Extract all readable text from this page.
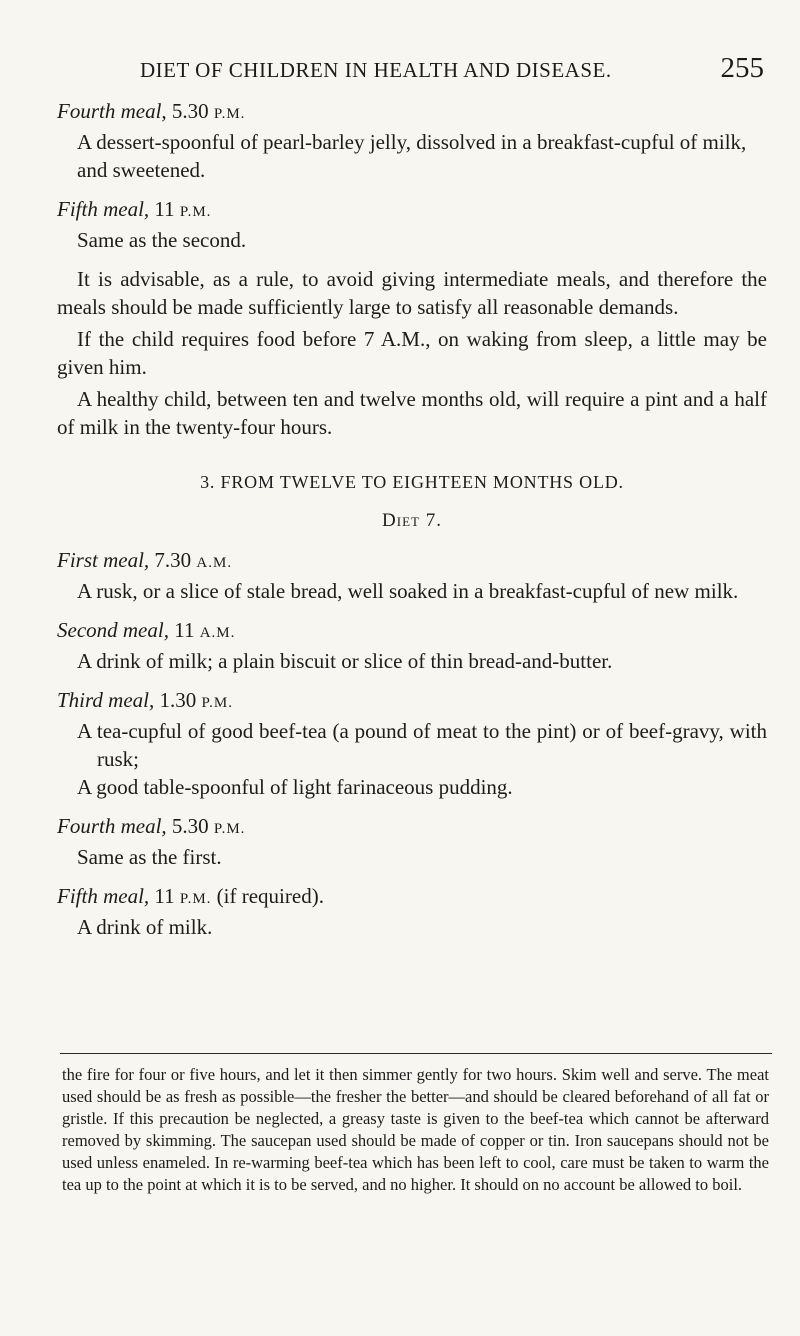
DIET OF CHILDREN IN HEALTH AND DISEASE.	255

Fourth meal, 5.30 P.M.

A dessert-spoonful of pearl-barley jelly, dissolved in a breakfast-cupful of milk, and sweetened.

Fifth meal, 11 P.M.

Same as the second.

It is advisable, as a rule, to avoid giving intermediate meals, and therefore the meals should be made sufficiently large to satisfy all reasonable demands.

If the child requires food before 7 A.M., on waking from sleep, a little may be given him.

A healthy child, between ten and twelve months old, will require a pint and a half of milk in the twenty-four hours.

3. FROM TWELVE TO EIGHTEEN MONTHS OLD.

Diet 7.

First meal, 7.30 A.M.

A rusk, or a slice of stale bread, well soaked in a breakfast-cupful of new milk.

Second meal, 11 A.M.

A drink of milk; a plain biscuit or slice of thin bread-and-butter.

Third meal, 1.30 P.M.

A tea-cupful of good beef-tea (a pound of meat to the pint) or of beef-gravy, with rusk;

A good table-spoonful of light farinaceous pudding.

Fourth meal, 5.30 P.M.

Same as the first.

Fifth meal, 11 P.M. (if required).

A drink of milk.

the fire for four or five hours, and let it then simmer gently for two hours. Skim well and serve. The meat used should be as fresh as possible—the fresher the better—and should be cleared beforehand of all fat or gristle. If this precaution be neglected, a greasy taste is given to the beef-tea which cannot be afterward removed by skimming. The saucepan used should be made of copper or tin. Iron saucepans should not be used unless enameled. In re-warming beef-tea which has been left to cool, care must be taken to warm the tea up to the point at which it is to be served, and no higher. It should on no account be allowed to boil.
